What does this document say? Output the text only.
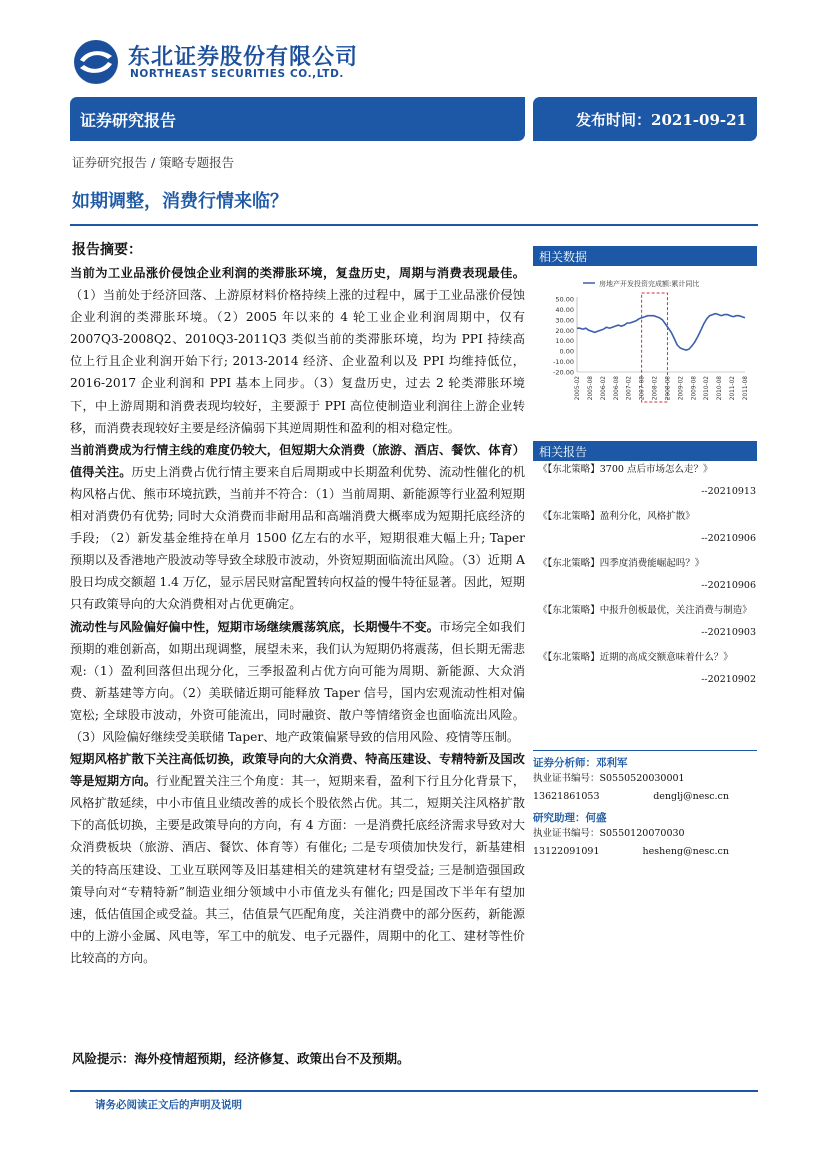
东北证券股份有限公司
NORTHEAST SECURITIES CO.,LTD.
证券研究报告	发布时间：2021-09-21
证券研究报告 / 策略专题报告
如期调整，消费行情来临？
报告摘要：

当前为工业品涨价侵蚀企业利润的类滞胀环境，复盘历史，周期与消费表现最佳。（1）当前处于经济回落、上游原材料价格持续上涨的过程中，属于工业品涨价侵蚀企业利润的类滞胀环境。（2）2005 年以来的 4 轮工业企业利润周期中，仅有 2007Q3-2008Q2、2010Q3-2011Q3 类似当前的类滞胀环境，均为 PPI 持续高位上行且企业利润开始下行; 2013-2014 经济、企业盈利以及 PPI 均维持低位，2016-2017 企业利润和 PPI 基本上同步。（3）复盘历史，过去 2 轮类滞胀环境下，中上游周期和消费表现均较好，主要源于 PPI 高位使制造业利润往上游企业转移，而消费表现较好主要是经济偏弱下其逆周期性和盈利的相对稳定性。

当前消费成为行情主线的难度仍较大，但短期大众消费（旅游、酒店、餐饮、体育）值得关注。历史上消费占优行情主要来自后周期或中长期盈利优势、流动性催化的机构风格占优、熊市环境抗跌，当前并不符合：（1）当前周期、新能源等行业盈利短期相对消费仍有优势; 同时大众消费而非耐用品和高端消费大概率成为短期托底经济的手段; （2）新发基金维持在单月 1500 亿左右的水平，短期很难大幅上升; Taper 预期以及香港地产股波动等导致全球股市波动，外资短期面临流出风险。（3）近期 A 股日均成交额超 1.4 万亿，显示居民财富配置转向权益的慢牛特征显著。因此，短期只有政策导向的大众消费相对占优更确定。

流动性与风险偏好偏中性，短期市场继续震荡筑底，长期慢牛不变。市场完全如我们预期的难创新高，如期出现调整，展望未来，我们认为短期仍将震荡，但长期无需悲观:（1）盈利回落但出现分化，三季报盈利占优方向可能为周期、新能源、大众消费、新基建等方向。（2）美联储近期可能释放 Taper 信号，国内宏观流动性相对偏宽松; 全球股市波动，外资可能流出，同时融资、散户等情绪资金也面临流出风险。（3）风险偏好继续受美联储 Taper、地产政策偏紧导致的信用风险、疫情等压制。

短期风格扩散下关注高低切换，政策导向的大众消费、特高压建设、专精特新及国改等是短期方向。行业配置关注三个角度：其一，短期来看，盈利下行且分化背景下，风格扩散延续，中小市值且业绩改善的成长个股依然占优。其二，短期关注风格扩散下的高低切换，主要是政策导向的方向，有 4 方面：一是消费托底经济需求导致对大众消费板块（旅游、酒店、餐饮、体育等）有催化; 二是专项债加快发行，新基建相关的特高压建设、工业互联网等及旧基建相关的建筑建材有望受益; 三是制造强国政策导向对“专精特新”制造业细分领域中小市值龙头有催化; 四是国改下半年有望加速，低估值国企或受益。其三，估值景气匹配角度，关注消费中的部分医药，新能源中的上游小金属、风电等，军工中的航发、电子元器件，周期中的化工、建材等性价比较高的方向。

风险提示：海外疫情超预期，经济修复、政策出台不及预期。
相关数据
房地产开发投资完成额:累计同比
50.00
40.00
30.00
20.00
10.00
0.00
-10.00
-20.00
2005-02 2005-08 2006-02 2006-08 2007-02 2007-08 2008-02 2008-08 2009-02 2009-08 2010-02 2010-08 2011-02 2011-08
相关报告
《【东北策略】3700 点后市场怎么走？》
--20210913
《【东北策略】盈利分化，风格扩散》
--20210906
《【东北策略】四季度消费能崛起吗？》
--20210906
《【东北策略】中报升创板最优，关注消费与制造》
--20210903
《【东北策略】近期的高成交额意味着什么？》
--20210902
证券分析师：邓利军
执业证书编号：S0550520030001
13621861053	denglj@nesc.cn
研究助理：何盛
执业证书编号：S0550120070030
13122091091	hesheng@nesc.cn
请务必阅读正文后的声明及说明
